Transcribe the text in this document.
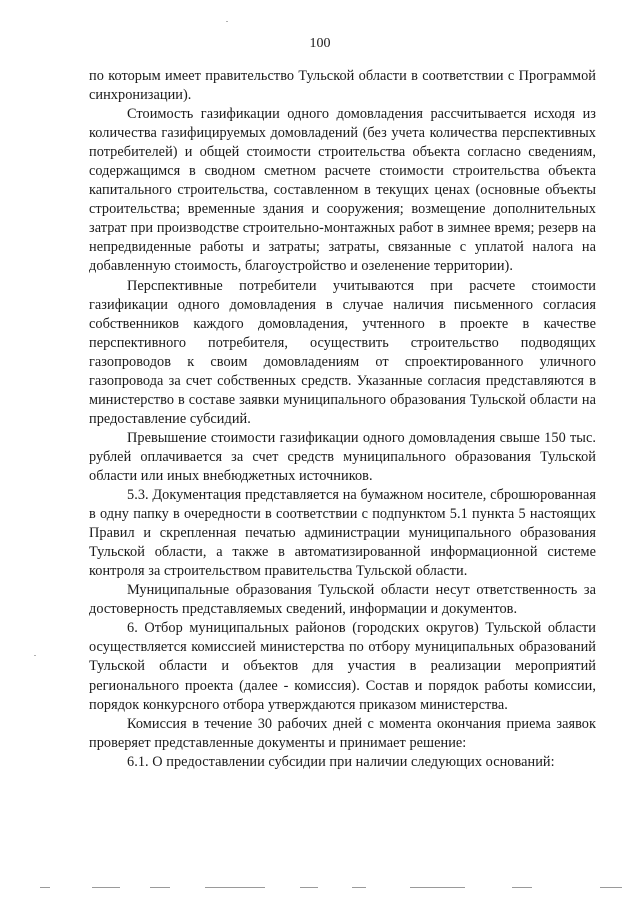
100

по которым имеет правительство Тульской области в соответствии с Программой синхронизации).

Стоимость газификации одного домовладения рассчитывается исходя из количества газифицируемых домовладений (без учета количества перспективных потребителей) и общей стоимости строительства объекта согласно сведениям, содержащимся в сводном сметном расчете стоимости строительства объекта капитального строительства, составленном в текущих ценах (основные объекты строительства; временные здания и сооружения; возмещение дополнительных затрат при производстве строительно-монтажных работ в зимнее время; резерв на непредвиденные работы и затраты; затраты, связанные с уплатой налога на добавленную стоимость, благоустройство и озеленение территории).

Перспективные потребители учитываются при расчете стоимости газификации одного домовладения в случае наличия письменного согласия собственников каждого домовладения, учтенного в проекте в качестве перспективного потребителя, осуществить строительство подводящих газопроводов к своим домовладениям от спроектированного уличного газопровода за счет собственных средств. Указанные согласия представляются в министерство в составе заявки муниципального образования Тульской области на предоставление субсидий.

Превышение стоимости газификации одного домовладения свыше 150 тыс. рублей оплачивается за счет средств муниципального образования Тульской области или иных внебюджетных источников.

5.3. Документация представляется на бумажном носителе, сброшюрованная в одну папку в очередности в соответствии с подпунктом 5.1 пункта 5 настоящих Правил и скрепленная печатью администрации муниципального образования Тульской области, а также в автоматизированной информационной системе контроля за строительством правительства Тульской области.

Муниципальные образования Тульской области несут ответственность за достоверность представляемых сведений, информации и документов.

6. Отбор муниципальных районов (городских округов) Тульской области осуществляется комиссией министерства по отбору муниципальных образований Тульской области и объектов для участия в реализации мероприятий регионального проекта (далее - комиссия). Состав и порядок работы комиссии, порядок конкурсного отбора утверждаются приказом министерства.

Комиссия в течение 30 рабочих дней с момента окончания приема заявок проверяет представленные документы и принимает решение:

6.1. О предоставлении субсидии при наличии следующих оснований:
